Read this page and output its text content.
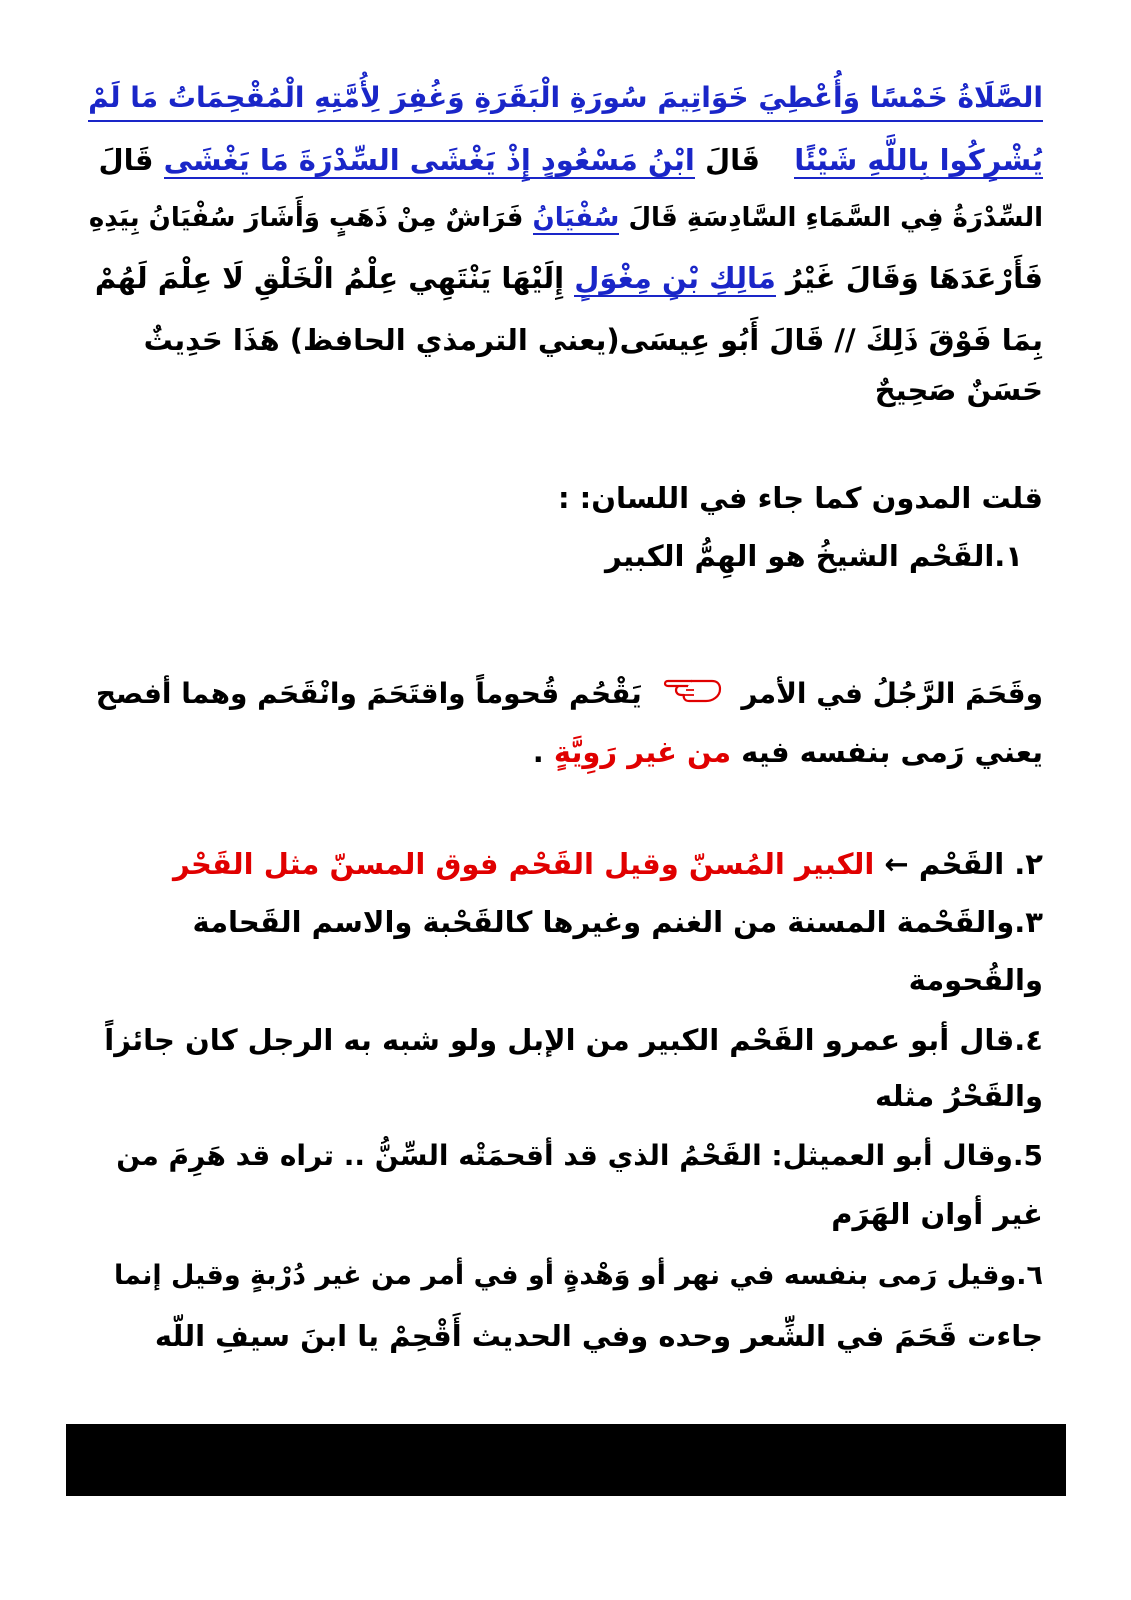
الصَّلَاةُ خَمْسًا وَأُعْطِيَ خَوَاتِيمَ سُورَةِ الْبَقَرَةِ وَغُفِرَ لِأُمَّتِهِ الْمُقْحِمَاتُ مَا لَمْ
يُشْرِكُوا بِاللَّهِ شَيْئًا  قَالَ ابْنُ مَسْعُودٍ إِذْ يَغْشَى السِّدْرَةَ مَا يَغْشَى قَالَ
السِّدْرَةُ فِي السَّمَاءِ السَّادِسَةِ قَالَ سُفْيَانُ فَرَاشٌ مِنْ ذَهَبٍ وَأَشَارَ سُفْيَانُ بِيَدِهِ
فَأَرْعَدَهَا وَقَالَ غَيْرُ مَالِكِ بْنِ مِغْوَلٍ إِلَيْهَا يَنْتَهِي عِلْمُ الْخَلْقِ لَا عِلْمَ لَهُمْ
بِمَا فَوْقَ ذَلِكَ // قَالَ أَبُو عِيسَى(يعني الترمذي الحافظ) هَذَا حَدِيثٌ
حَسَنٌ صَحِيحٌ
قلت المدون كما جاء في اللسان: :
١.القَحْم الشيخُ هو الهِمُّ الكبير
وقَحَمَ الرَّجُلُ في الأمر  يَقْحُم قُحوماً واقتَحَمَ وانْقَحَم وهما أفصح
يعني رَمى بنفسه فيه من غير رَوِيَّةٍ .
٢. القَحْم ← الكبير المُسنّ وقيل القَحْم فوق المسنّ مثل القَحْر
٣.والقَحْمة المسنة من الغنم وغيرها كالقَحْبة والاسم القَحامة
والقُحومة
٤.قال أبو عمرو القَحْم الكبير من الإبل ولو شبه به الرجل كان جائزاً
والقَحْرُ مثله
5.وقال أبو العميثل: القَحْمُ الذي قد أقحمَتْه السِّنُّ .. تراه قد هَرِمَ من
غير أوان الهَرَم
٦.وقيل رَمى بنفسه في نهر أو وَهْدةٍ أو في أمر من غير دُرْبةٍ وقيل إنما
جاءت قَحَمَ في الشِّعر وحده وفي الحديث أَقْحِمْ يا ابنَ سيفِ اللّه
